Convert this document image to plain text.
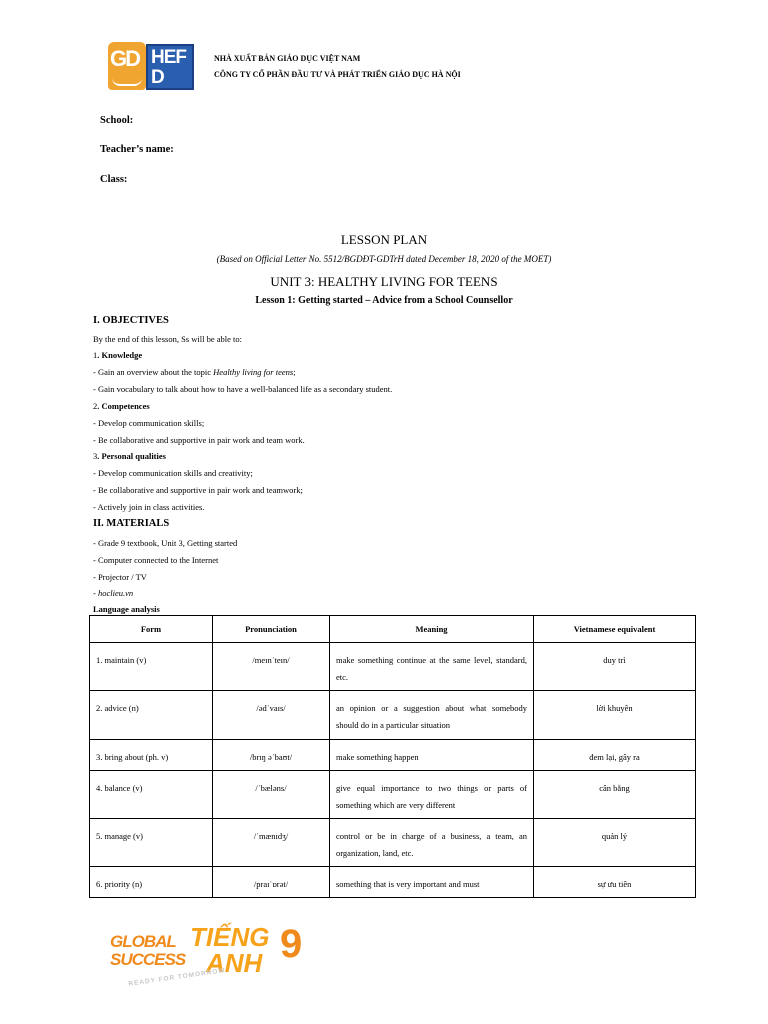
GD HEFD
NHÀ XUẤT BẢN GIÁO DỤC VIỆT NAM
CÔNG TY CỔ PHẦN ĐẦU TƯ VÀ PHÁT TRIỂN GIÁO DỤC HÀ NỘI
School:
Teacher’s name:
Class:
LESSON PLAN
(Based on Official Letter No. 5512/BGDĐT-GDTrH dated December 18, 2020 of the MOET)
UNIT 3: HEALTHY LIVING FOR TEENS
Lesson 1: Getting started – Advice from a School Counsellor
I. OBJECTIVES
By the end of this lesson, Ss will be able to:
1. Knowledge
- Gain an overview about the topic Healthy living for teens;
- Gain vocabulary to talk about how to have a well-balanced life as a secondary student.
2. Competences
- Develop communication skills;
- Be collaborative and supportive in pair work and team work.
3. Personal qualities
- Develop communication skills and creativity;
- Be collaborative and supportive in pair work and teamwork;
- Actively join in class activities.
II. MATERIALS
- Grade 9 textbook, Unit 3, Getting started
- Computer connected to the Internet
- Projector / TV
- hoclieu.vn
Language analysis
Form	Pronunciation	Meaning	Vietnamese equivalent
1. maintain (v)	/meɪnˈteɪn/	make something continue at the same level, standard, etc.	duy trì
2. advice (n)	/ədˈvaɪs/	an opinion or a suggestion about what somebody should do in a particular situation	lời khuyên
3. bring about (ph. v)	/brɪŋ əˈbaʊt/	make something happen	đem lại, gây ra
4. balance (v)	/ˈbæləns/	give equal importance to two things or parts of something which are very different	cân bằng
5. manage (v)	/ˈmænɪdʒ/	control or be in charge of a business, a team, an organization, land, etc.	quản lý
6. priority (n)	/praɪˈɒrət/	something that is very important and must	sự ưu tiên
GLOBAL
SUCCESS
TIẾNG
ANH 9
READY FOR TOMORROW
